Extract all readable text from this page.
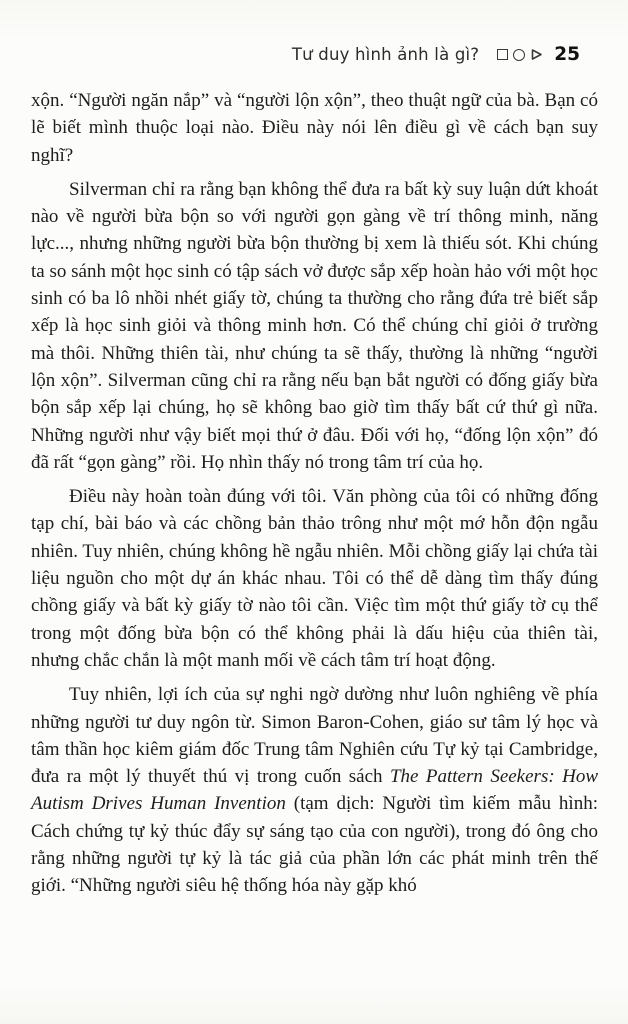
Tư duy hình ảnh là gì?	25

xộn. “Người ngăn nắp” và “người lộn xộn”, theo thuật ngữ của bà. Bạn có lẽ biết mình thuộc loại nào. Điều này nói lên điều gì về cách bạn suy nghĩ?

Silverman chỉ ra rằng bạn không thể đưa ra bất kỳ suy luận dứt khoát nào về người bừa bộn so với người gọn gàng về trí thông minh, năng lực..., nhưng những người bừa bộn thường bị xem là thiếu sót. Khi chúng ta so sánh một học sinh có tập sách vở được sắp xếp hoàn hảo với một học sinh có ba lô nhồi nhét giấy tờ, chúng ta thường cho rằng đứa trẻ biết sắp xếp là học sinh giỏi và thông minh hơn. Có thể chúng chỉ giỏi ở trường mà thôi. Những thiên tài, như chúng ta sẽ thấy, thường là những “người lộn xộn”. Silverman cũng chỉ ra rằng nếu bạn bắt người có đống giấy bừa bộn sắp xếp lại chúng, họ sẽ không bao giờ tìm thấy bất cứ thứ gì nữa. Những người như vậy biết mọi thứ ở đâu. Đối với họ, “đống lộn xộn” đó đã rất “gọn gàng” rồi. Họ nhìn thấy nó trong tâm trí của họ.

Điều này hoàn toàn đúng với tôi. Văn phòng của tôi có những đống tạp chí, bài báo và các chồng bản thảo trông như một mớ hỗn độn ngẫu nhiên. Tuy nhiên, chúng không hề ngẫu nhiên. Mỗi chồng giấy lại chứa tài liệu nguồn cho một dự án khác nhau. Tôi có thể dễ dàng tìm thấy đúng chồng giấy và bất kỳ giấy tờ nào tôi cần. Việc tìm một thứ giấy tờ cụ thể trong một đống bừa bộn có thể không phải là dấu hiệu của thiên tài, nhưng chắc chắn là một manh mối về cách tâm trí hoạt động.

Tuy nhiên, lợi ích của sự nghi ngờ dường như luôn nghiêng về phía những người tư duy ngôn từ. Simon Baron-Cohen, giáo sư tâm lý học và tâm thần học kiêm giám đốc Trung tâm Nghiên cứu Tự kỷ tại Cambridge, đưa ra một lý thuyết thú vị trong cuốn sách The Pattern Seekers: How Autism Drives Human Invention (tạm dịch: Người tìm kiếm mẫu hình: Cách chứng tự kỷ thúc đẩy sự sáng tạo của con người), trong đó ông cho rằng những người tự kỷ là tác giả của phần lớn các phát minh trên thế giới. “Những người siêu hệ thống hóa này gặp khó
